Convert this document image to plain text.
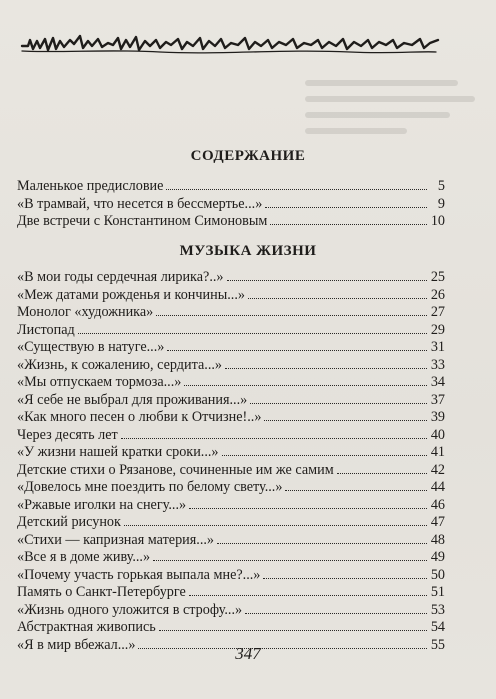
СОДЕРЖАНИЕ
Маленькое предисловие	5
«В трамвай, что несется в бессмертье...»	9
Две встречи с Константином Симоновым	10
МУЗЫКА ЖИЗНИ
«В мои годы сердечная лирика?..»	25
«Меж датами рожденья и кончины...»	26
Монолог «художника»	27
Листопад	29
«Существую в натуге...»	31
«Жизнь, к сожалению, сердита...»	33
«Мы отпускаем тормоза...»	34
«Я себе не выбрал для проживания...»	37
«Как много песен о любви к Отчизне!..»	39
Через десять лет	40
«У жизни нашей кратки сроки...»	41
Детские стихи о Рязанове, сочиненные им же самим	42
«Довелось мне поездить по белому свету...»	44
«Ржавые иголки на снегу...»	46
Детский рисунок	47
«Стихи — капризная материя...»	48
«Все я в доме живу...»	49
«Почему участь горькая выпала мне?...»	50
Память о Санкт-Петербурге	51
«Жизнь одного уложится в строфу...»	53
Абстрактная живопись	54
«Я в мир вбежал...»	55
347
